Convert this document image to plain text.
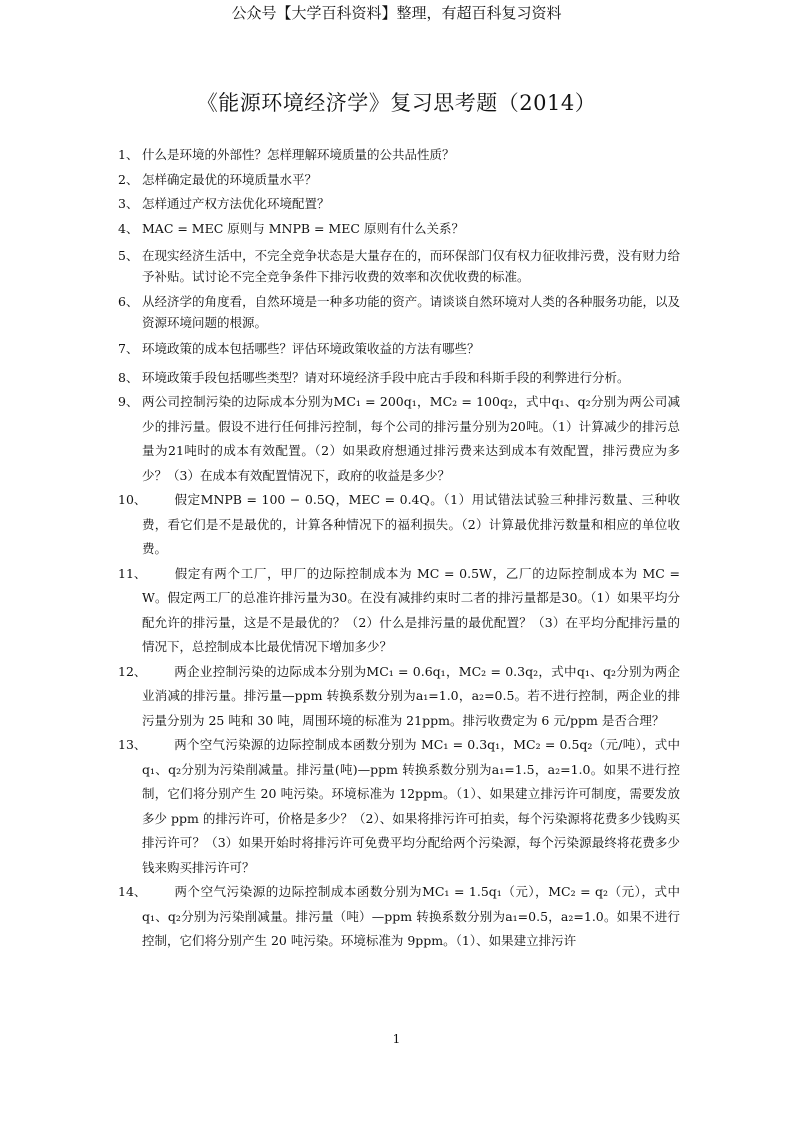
公众号【大学百科资料】整理，有超百科复习资料
《能源环境经济学》复习思考题（2014）
1、 什么是环境的外部性？怎样理解环境质量的公共品性质？
2、 怎样确定最优的环境质量水平？
3、 怎样通过产权方法优化环境配置？
4、 MAC = MEC 原则与 MNPB = MEC 原则有什么关系？
5、 在现实经济生活中，不完全竞争状态是大量存在的，而环保部门仅有权力征收排污费，没有财力给予补贴。试讨论不完全竞争条件下排污收费的效率和次优收费的标准。
6、 从经济学的角度看，自然环境是一种多功能的资产。请谈谈自然环境对人类的各种服务功能，以及资源环境问题的根源。
7、 环境政策的成本包括哪些？评估环境政策收益的方法有哪些？
8、 环境政策手段包括哪些类型？请对环境经济手段中庇古手段和科斯手段的利弊进行分析。
9、 两公司控制污染的边际成本分别为MC₁ = 200q₁，MC₂ = 100q₂，式中q₁、q₂分别为两公司减少的排污量。假设不进行任何排污控制，每个公司的排污量分别为20吨。（1）计算减少的排污总量为21吨时的成本有效配置。（2）如果政府想通过排污费来达到成本有效配置，排污费应为多少？（3）在成本有效配置情况下，政府的收益是多少？
10、	假定MNPB = 100 − 0.5Q，MEC = 0.4Q。（1）用试错法试验三种排污数量、三种收费，看它们是不是最优的，计算各种情况下的福利损失。（2）计算最优排污数量和相应的单位收费。
11、	假定有两个工厂，甲厂的边际控制成本为 MC = 0.5W，乙厂的边际控制成本为 MC = W。假定两工厂的总准许排污量为30。在没有减排约束时二者的排污量都是30。（1）如果平均分配允许的排污量，这是不是最优的？（2）什么是排污量的最优配置？（3）在平均分配排污量的情况下，总控制成本比最优情况下增加多少？
12、	两企业控制污染的边际成本分别为MC₁ = 0.6q₁，MC₂ = 0.3q₂，式中q₁、q₂分别为两企业消减的排污量。排污量—ppm 转换系数分别为a₁=1.0，a₂=0.5。若不进行控制，两企业的排污量分别为 25 吨和 30 吨，周围环境的标准为 21ppm。排污收费定为 6 元/ppm 是否合理？
13、	两个空气污染源的边际控制成本函数分别为 MC₁ = 0.3q₁，MC₂ = 0.5q₂（元/吨），式中q₁、q₂分别为污染削减量。排污量(吨)—ppm 转换系数分别为a₁=1.5，a₂=1.0。如果不进行控制，它们将分别产生 20 吨污染。环境标准为 12ppm。（1）、如果建立排污许可制度，需要发放多少 ppm 的排污许可，价格是多少？（2）、如果将排污许可拍卖，每个污染源将花费多少钱购买排污许可？（3）如果开始时将排污许可免费平均分配给两个污染源，每个污染源最终将花费多少钱来购买排污许可？
14、	两个空气污染源的边际控制成本函数分别为MC₁ = 1.5q₁（元），MC₂ = q₂（元），式中q₁、q₂分别为污染削减量。排污量（吨）—ppm 转换系数分别为a₁=0.5，a₂=1.0。如果不进行控制，它们将分别产生 20 吨污染。环境标准为 9ppm。（1）、如果建立排污许
1
